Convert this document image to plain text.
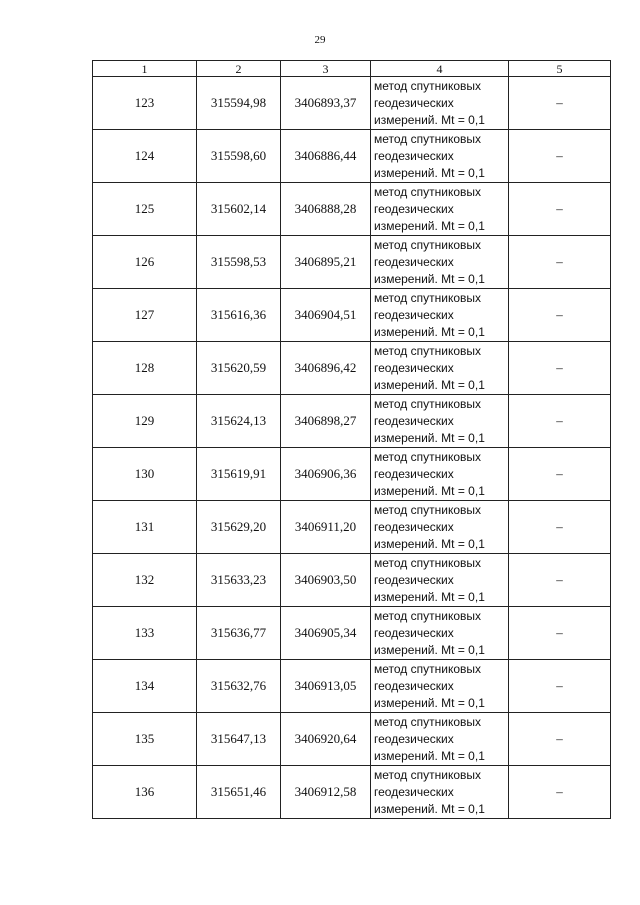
29
1	2	3	4	5
123	315594,98	3406893,37	метод спутниковых
геодезических
измерений. Mt = 0,1	–
124	315598,60	3406886,44	метод спутниковых
геодезических
измерений. Mt = 0,1	–
125	315602,14	3406888,28	метод спутниковых
геодезических
измерений. Mt = 0,1	–
126	315598,53	3406895,21	метод спутниковых
геодезических
измерений. Mt = 0,1	–
127	315616,36	3406904,51	метод спутниковых
геодезических
измерений. Mt = 0,1	–
128	315620,59	3406896,42	метод спутниковых
геодезических
измерений. Mt = 0,1	–
129	315624,13	3406898,27	метод спутниковых
геодезических
измерений. Mt = 0,1	–
130	315619,91	3406906,36	метод спутниковых
геодезических
измерений. Mt = 0,1	–
131	315629,20	3406911,20	метод спутниковых
геодезических
измерений. Mt = 0,1	–
132	315633,23	3406903,50	метод спутниковых
геодезических
измерений. Mt = 0,1	–
133	315636,77	3406905,34	метод спутниковых
геодезических
измерений. Mt = 0,1	–
134	315632,76	3406913,05	метод спутниковых
геодезических
измерений. Mt = 0,1	–
135	315647,13	3406920,64	метод спутниковых
геодезических
измерений. Mt = 0,1	–
136	315651,46	3406912,58	метод спутниковых
геодезических
измерений. Mt = 0,1	–
